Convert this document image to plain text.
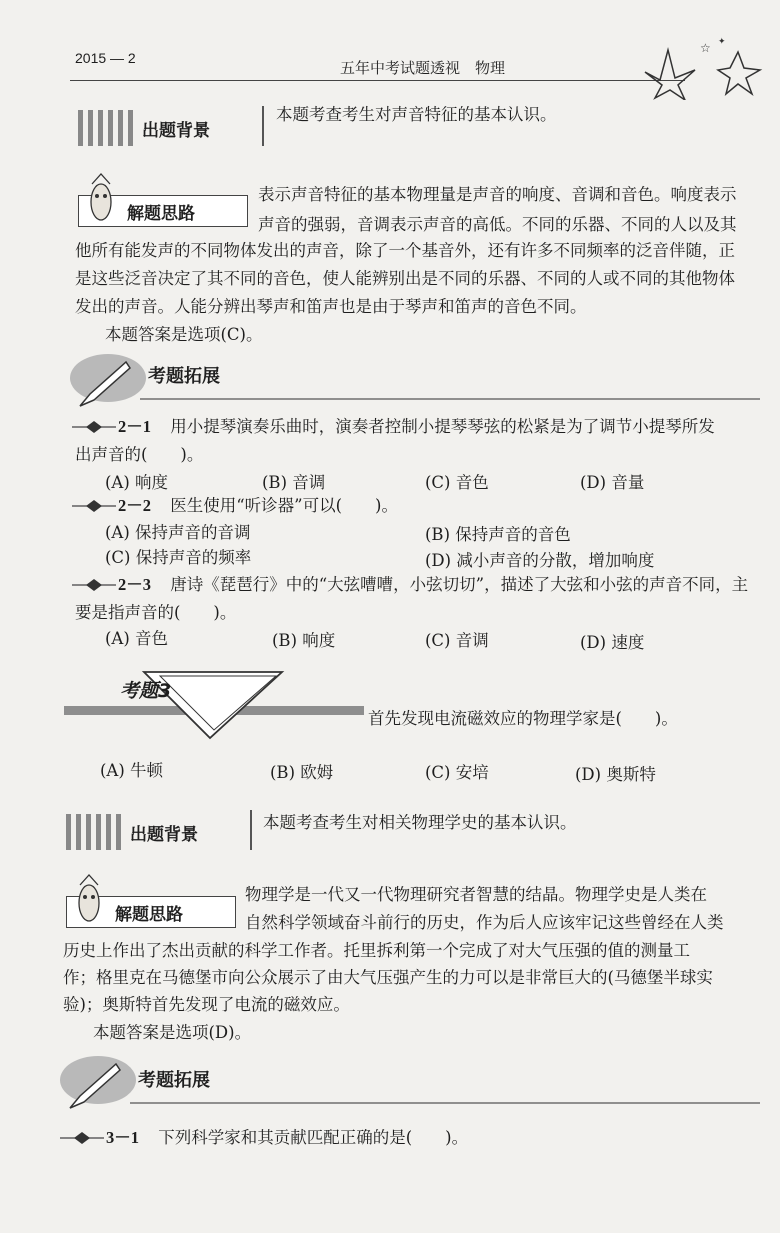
2015 — 2
五年中考试题透视　物理
☆ ✦
出题背景
本题考查考生对声音特征的基本认识。
解题思路
表示声音特征的基本物理量是声音的响度、音调和音色。响度表示
声音的强弱，音调表示声音的高低。不同的乐器、不同的人以及其
他所有能发声的不同物体发出的声音，除了一个基音外，还有许多不同频率的泛音伴随，正
是这些泛音决定了其不同的音色，使人能辨别出是不同的乐器、不同的人或不同的其他物体
发出的声音。人能分辨出琴声和笛声也是由于琴声和笛声的音色不同。
本题答案是选项(C)。
考题拓展
2－1 用小提琴演奏乐曲时，演奏者控制小提琴琴弦的松紧是为了调节小提琴所发
出声音的(　　)。
(A) 响度	(B) 音调	(C) 音色	(D) 音量
2－2 医生使用“听诊器”可以(　　)。
(A) 保持声音的音调	(B) 保持声音的音色
(C) 保持声音的频率	(D) 减小声音的分散，增加响度
2－3 唐诗《琵琶行》中的“大弦嘈嘈，小弦切切”，描述了大弦和小弦的声音不同，主
要是指声音的(　　)。
(A) 音色	(B) 响度	(C) 音调	(D) 速度
考题3
首先发现电流磁效应的物理学家是(　　)。
(A) 牛顿	(B) 欧姆	(C) 安培	(D) 奥斯特
出题背景
本题考查考生对相关物理学史的基本认识。
解题思路
物理学是一代又一代物理研究者智慧的结晶。物理学史是人类在
自然科学领域奋斗前行的历史，作为后人应该牢记这些曾经在人类
历史上作出了杰出贡献的科学工作者。托里拆利第一个完成了对大气压强的值的测量工
作；格里克在马德堡市向公众展示了由大气压强产生的力可以是非常巨大的(马德堡半球实
验)；奥斯特首先发现了电流的磁效应。
本题答案是选项(D)。
考题拓展
3－1 下列科学家和其贡献匹配正确的是(　　)。
